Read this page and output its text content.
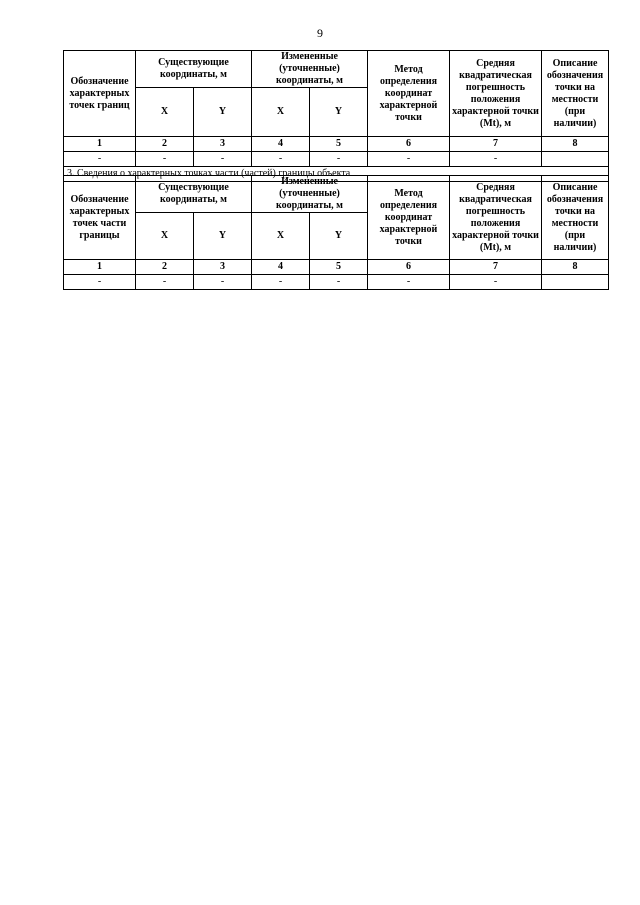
9
Обозначение характерных точек границ	Существующие координаты, м		Измененные (уточненные) координаты, м		Метод определения координат характерной точки	Средняя квадратическая погрешность положения характерной точки (Mt), м	Описание обозначения точки на местности (при наличии)
	X	Y	X	Y			
1	2	3	4	5	6	7	8
-	-	-	-	-	-	-	
3. Сведения о характерных точках части (частей) границы объекта							
Обозначение характерных точек части границы	Существующие координаты, м		Измененные (уточненные) координаты, м		Метод определения координат характерной точки	Средняя квадратическая погрешность положения характерной точки (Mt), м	Описание обозначения точки на местности (при наличии)
	X	Y	X	Y			
1	2	3	4	5	6	7	8
-	-	-	-	-	-	-	
